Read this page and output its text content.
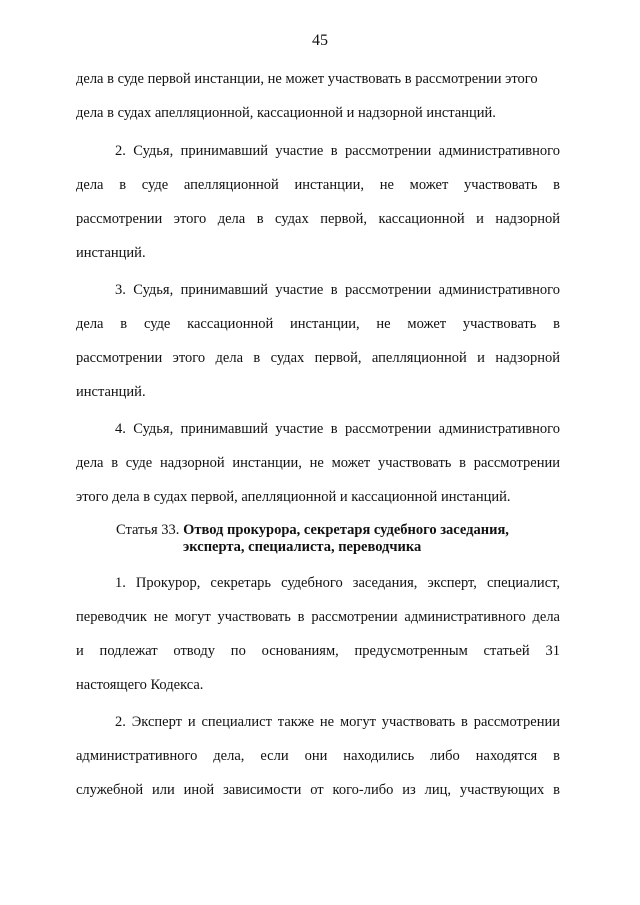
45
дела в суде первой инстанции, не может участвовать в рассмотрении этого
дела в судах апелляционной, кассационной и надзорной инстанций.
2. Судья, принимавший участие в рассмотрении административного
дела в суде апелляционной инстанции, не может участвовать в
рассмотрении этого дела в судах первой, кассационной и надзорной
инстанций.
3. Судья, принимавший участие в рассмотрении административного
дела в суде кассационной инстанции, не может участвовать в
рассмотрении этого дела в судах первой, апелляционной и надзорной
инстанций.
4. Судья, принимавший участие в рассмотрении административного
дела в суде надзорной инстанции, не может участвовать в рассмотрении
этого дела в судах первой, апелляционной и кассационной инстанций.
Статья 33. Отвод прокурора, секретаря судебного заседания,
эксперта, специалиста, переводчика
1. Прокурор, секретарь судебного заседания, эксперт, специалист,
переводчик не могут участвовать в рассмотрении административного дела
и подлежат отводу по основаниям, предусмотренным статьей 31
настоящего Кодекса.
2. Эксперт и специалист также не могут участвовать в рассмотрении
административного дела, если они находились либо находятся в
служебной или иной зависимости от кого-либо из лиц, участвующих в
